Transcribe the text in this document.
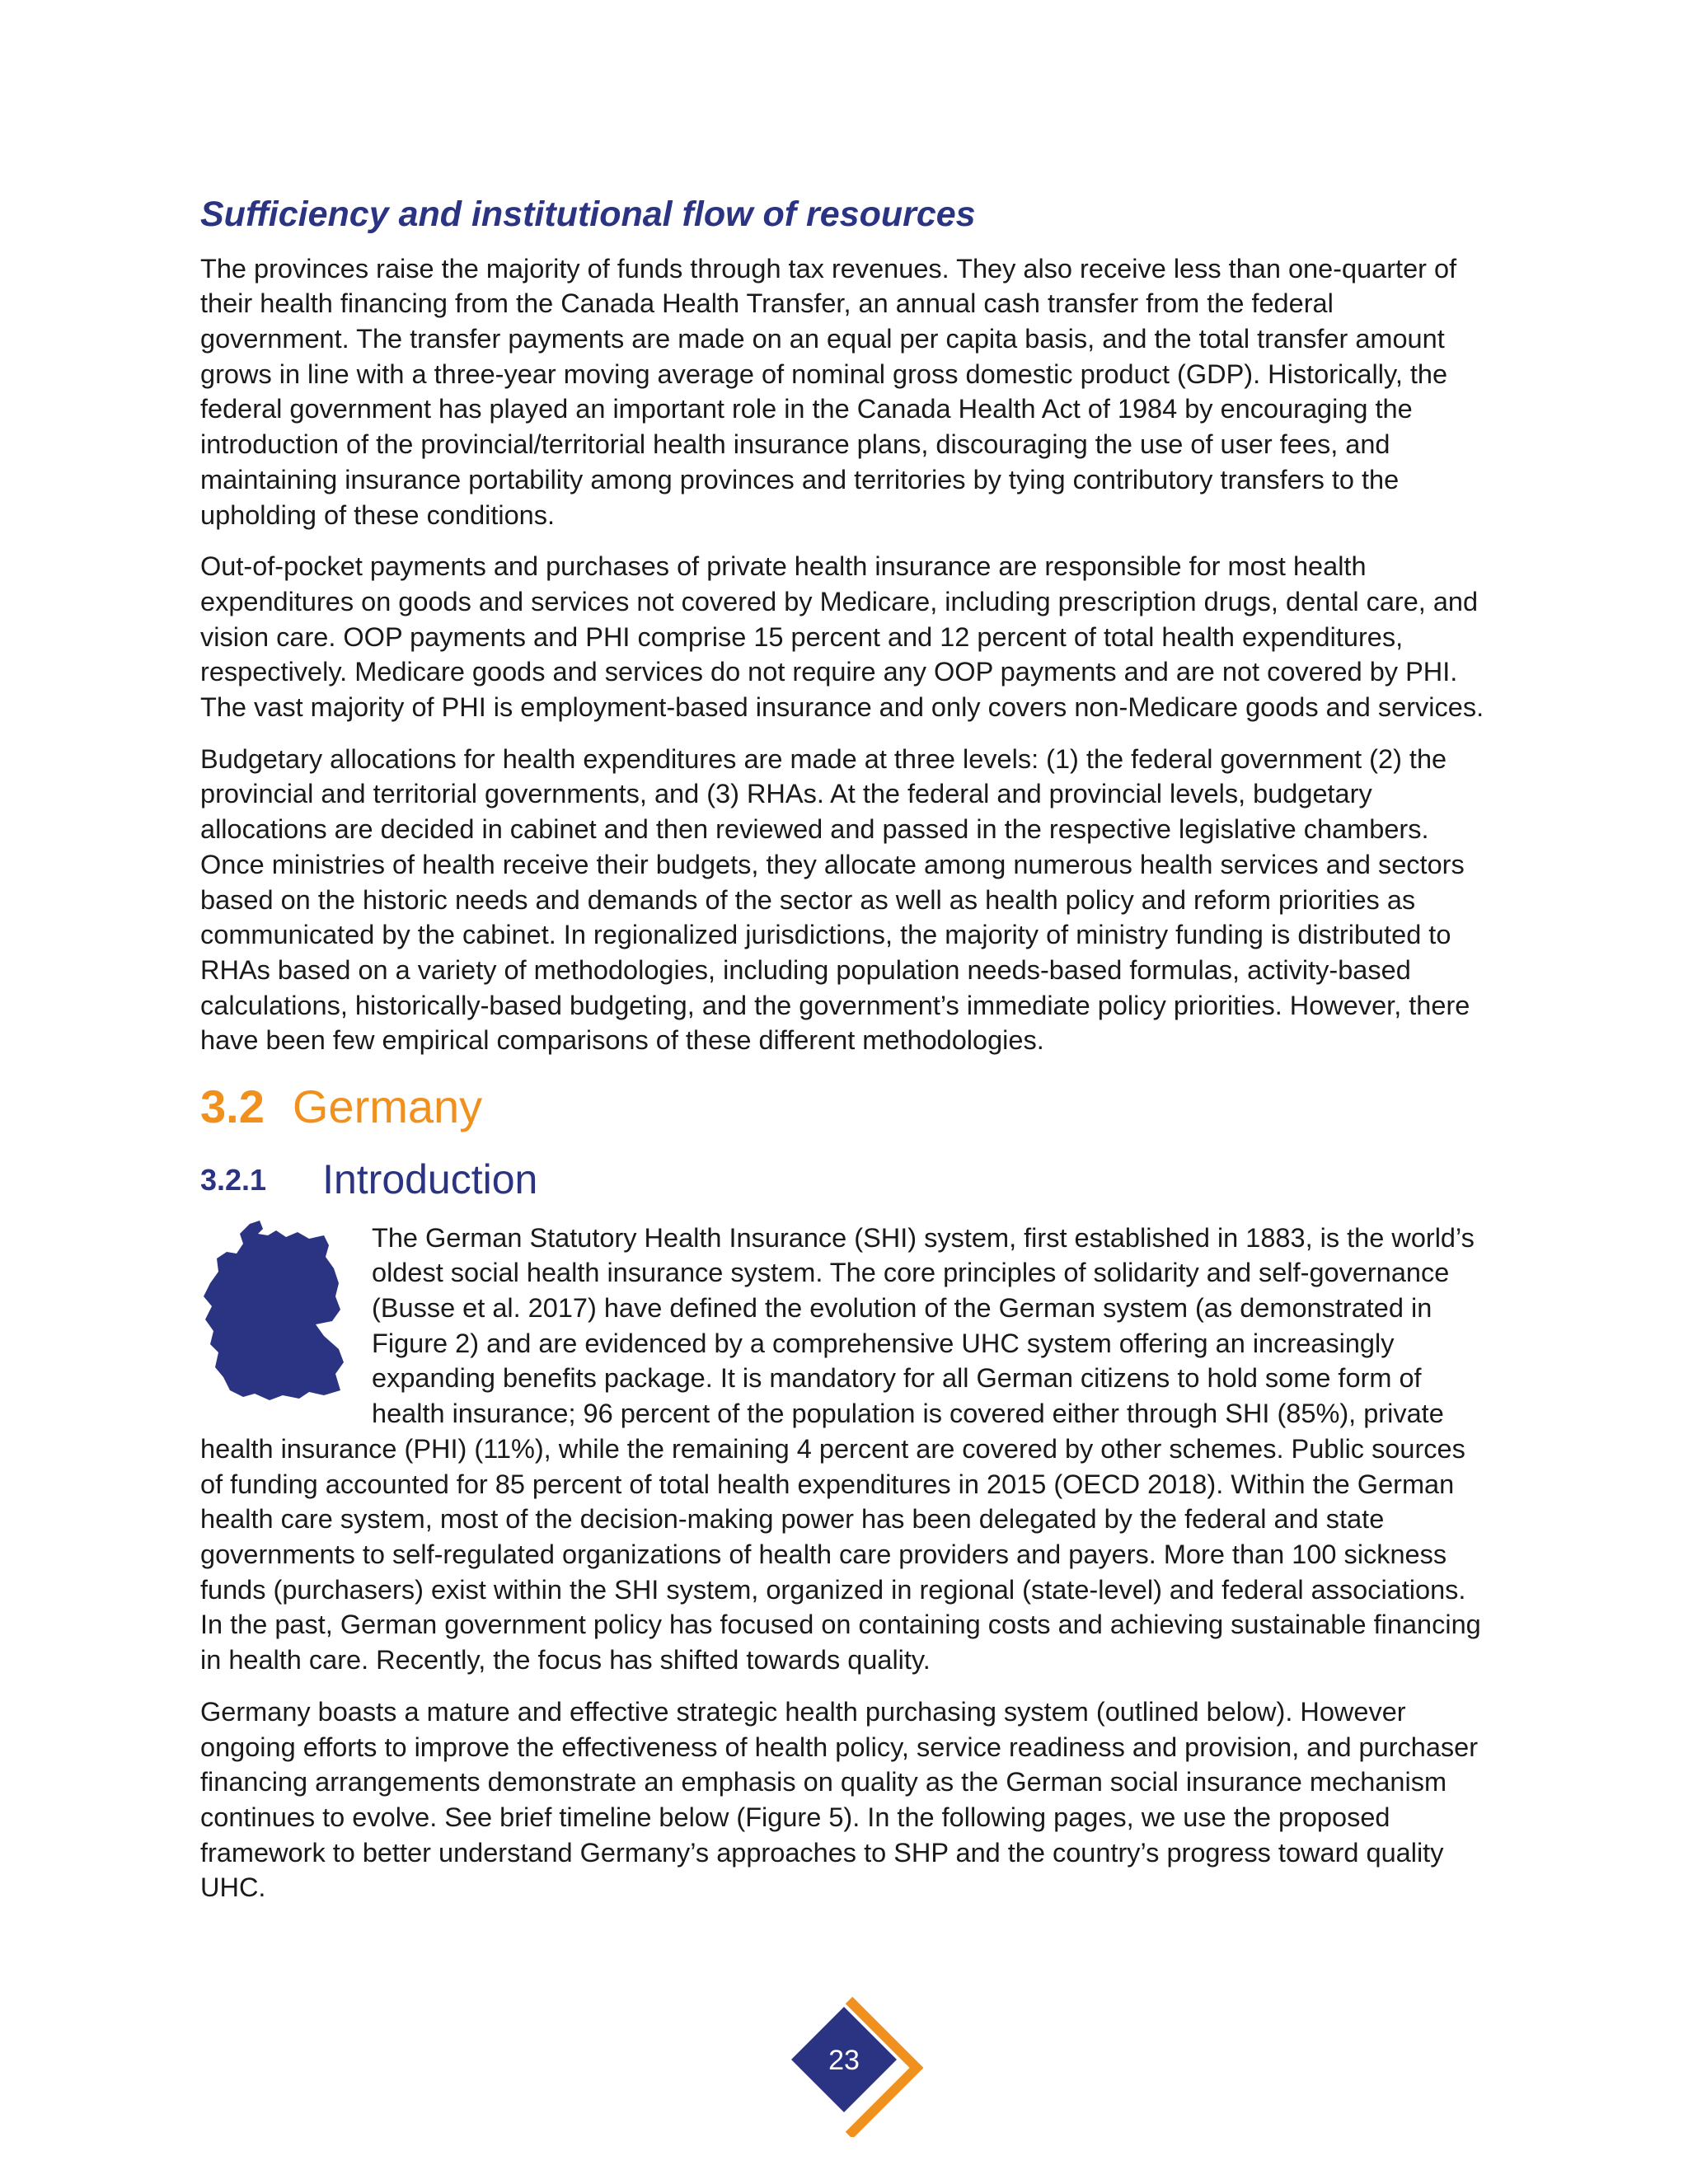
Sufficiency and institutional flow of resources

The provinces raise the majority of funds through tax revenues. They also receive less than one-quarter of their health financing from the Canada Health Transfer, an annual cash transfer from the federal government. The transfer payments are made on an equal per capita basis, and the total transfer amount grows in line with a three-year moving average of nominal gross domestic product (GDP). Historically, the federal government has played an important role in the Canada Health Act of 1984 by encouraging the introduction of the provincial/territorial health insurance plans, discouraging the use of user fees, and maintaining insurance portability among provinces and territories by tying contributory transfers to the upholding of these conditions.

Out-of-pocket payments and purchases of private health insurance are responsible for most health expenditures on goods and services not covered by Medicare, including prescription drugs, dental care, and vision care. OOP payments and PHI comprise 15 percent and 12 percent of total health expenditures, respectively. Medicare goods and services do not require any OOP payments and are not covered by PHI. The vast majority of PHI is employment-based insurance and only covers non-Medicare goods and services.

Budgetary allocations for health expenditures are made at three levels: (1) the federal government (2) the provincial and territorial governments, and (3) RHAs. At the federal and provincial levels, budgetary allocations are decided in cabinet and then reviewed and passed in the respective legislative chambers. Once ministries of health receive their budgets, they allocate among numerous health services and sectors based on the historic needs and demands of the sector as well as health policy and reform priorities as communicated by the cabinet. In regionalized jurisdictions, the majority of ministry funding is distributed to RHAs based on a variety of methodologies, including population needs-based formulas, activity-based calculations, historically-based budgeting, and the government’s immediate policy priorities. However, there have been few empirical comparisons of these different methodologies.

3.2 Germany
3.2.1 Introduction

The German Statutory Health Insurance (SHI) system, first established in 1883, is the world’s oldest social health insurance system. The core principles of solidarity and self-governance (Busse et al. 2017) have defined the evolution of the German system (as demonstrated in Figure 2) and are evidenced by a comprehensive UHC system offering an increasingly expanding benefits package. It is mandatory for all German citizens to hold some form of health insurance; 96 percent of the population is covered either through SHI (85%), private health insurance (PHI) (11%), while the remaining 4 percent are covered by other schemes. Public sources of funding accounted for 85 percent of total health expenditures in 2015 (OECD 2018). Within the German health care system, most of the decision-making power has been delegated by the federal and state governments to self-regulated organizations of health care providers and payers. More than 100 sickness funds (purchasers) exist within the SHI system, organized in regional (state-level) and federal associations. In the past, German government policy has focused on containing costs and achieving sustainable financing in health care. Recently, the focus has shifted towards quality.

Germany boasts a mature and effective strategic health purchasing system (outlined below). However ongoing efforts to improve the effectiveness of health policy, service readiness and provision, and purchaser financing arrangements demonstrate an emphasis on quality as the German social insurance mechanism continues to evolve. See brief timeline below (Figure 5). In the following pages, we use the proposed framework to better understand Germany’s approaches to SHP and the country’s progress toward quality UHC.

23
